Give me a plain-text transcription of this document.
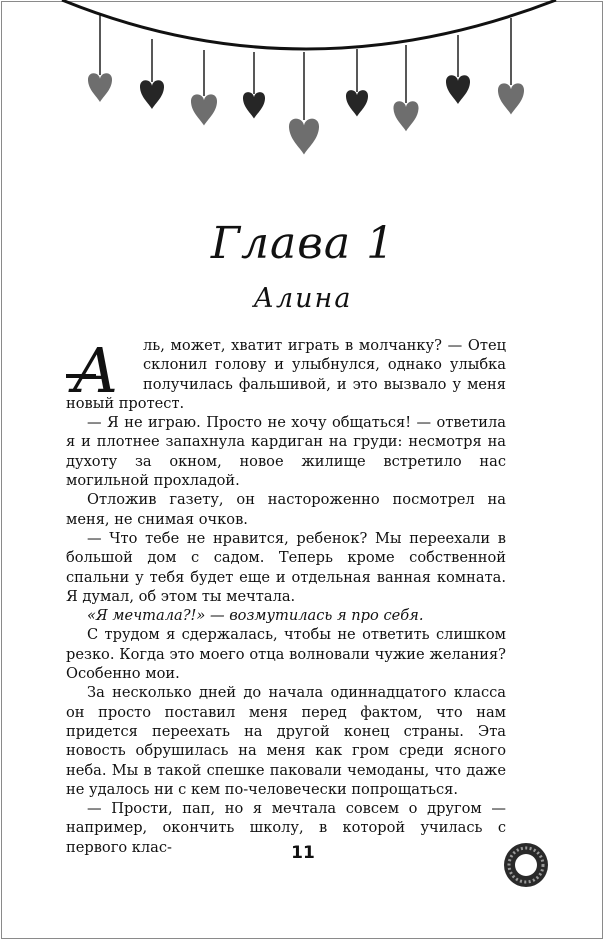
Глава 1
Алина
А	ль, может, хватит играть в молчанку? — Отец склонил голову и улыбнулся, однако улыбка получилась фальшивой, и это вызвало у меня новый протест.

— Я не играю. Просто не хочу общаться! — ответила я и плотнее запахнула кардиган на груди: несмотря на духоту за окном, новое жилище встретило нас могильной прохладой.

Отложив газету, он настороженно посмотрел на меня, не снимая очков.

— Что тебе не нравится, ребенок? Мы переехали в большой дом с садом. Теперь кроме собственной спальни у тебя будет еще и отдельная ванная комната. Я думал, об этом ты мечтала.

«Я мечтала?!» — возмутилась я про себя.

С трудом я сдержалась, чтобы не ответить слишком резко. Когда это моего отца волновали чужие желания? Особенно мои.

За несколько дней до начала одиннадцатого класса он просто поставил меня перед фактом, что нам придется переехать на другой конец страны. Эта новость обрушилась на меня как гром среди ясного неба. Мы в такой спешке паковали чемоданы, что даже не удалось ни с кем по-человечески попрощаться.

— Прости, пап, но я мечтала совсем о другом — например, окончить школу, в которой училась с первого клас-	11
